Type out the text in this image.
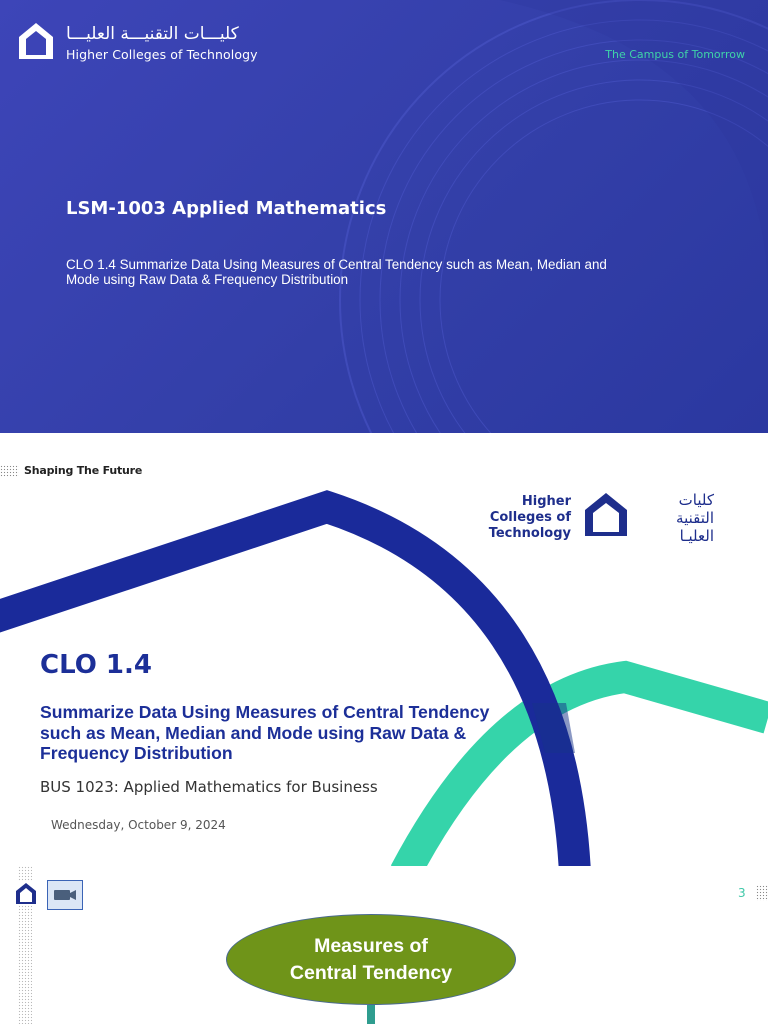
كليـــات التقنيـــة العليـــا
Higher Colleges of Technology	The Campus of Tomorrow
LSM-1003 Applied Mathematics
CLO 1.4 Summarize Data Using Measures of Central Tendency such as Mean, Median and Mode using Raw Data & Frequency Distribution
Shaping The Future
Higher
Colleges of
Technology
كليات
التقنية
العليـا
CLO 1.4
Summarize Data Using Measures of Central Tendency such as Mean, Median and Mode using Raw Data & Frequency Distribution
BUS 1023: Applied Mathematics for Business
Wednesday, October 9, 2024
3
Measures of
Central Tendency
